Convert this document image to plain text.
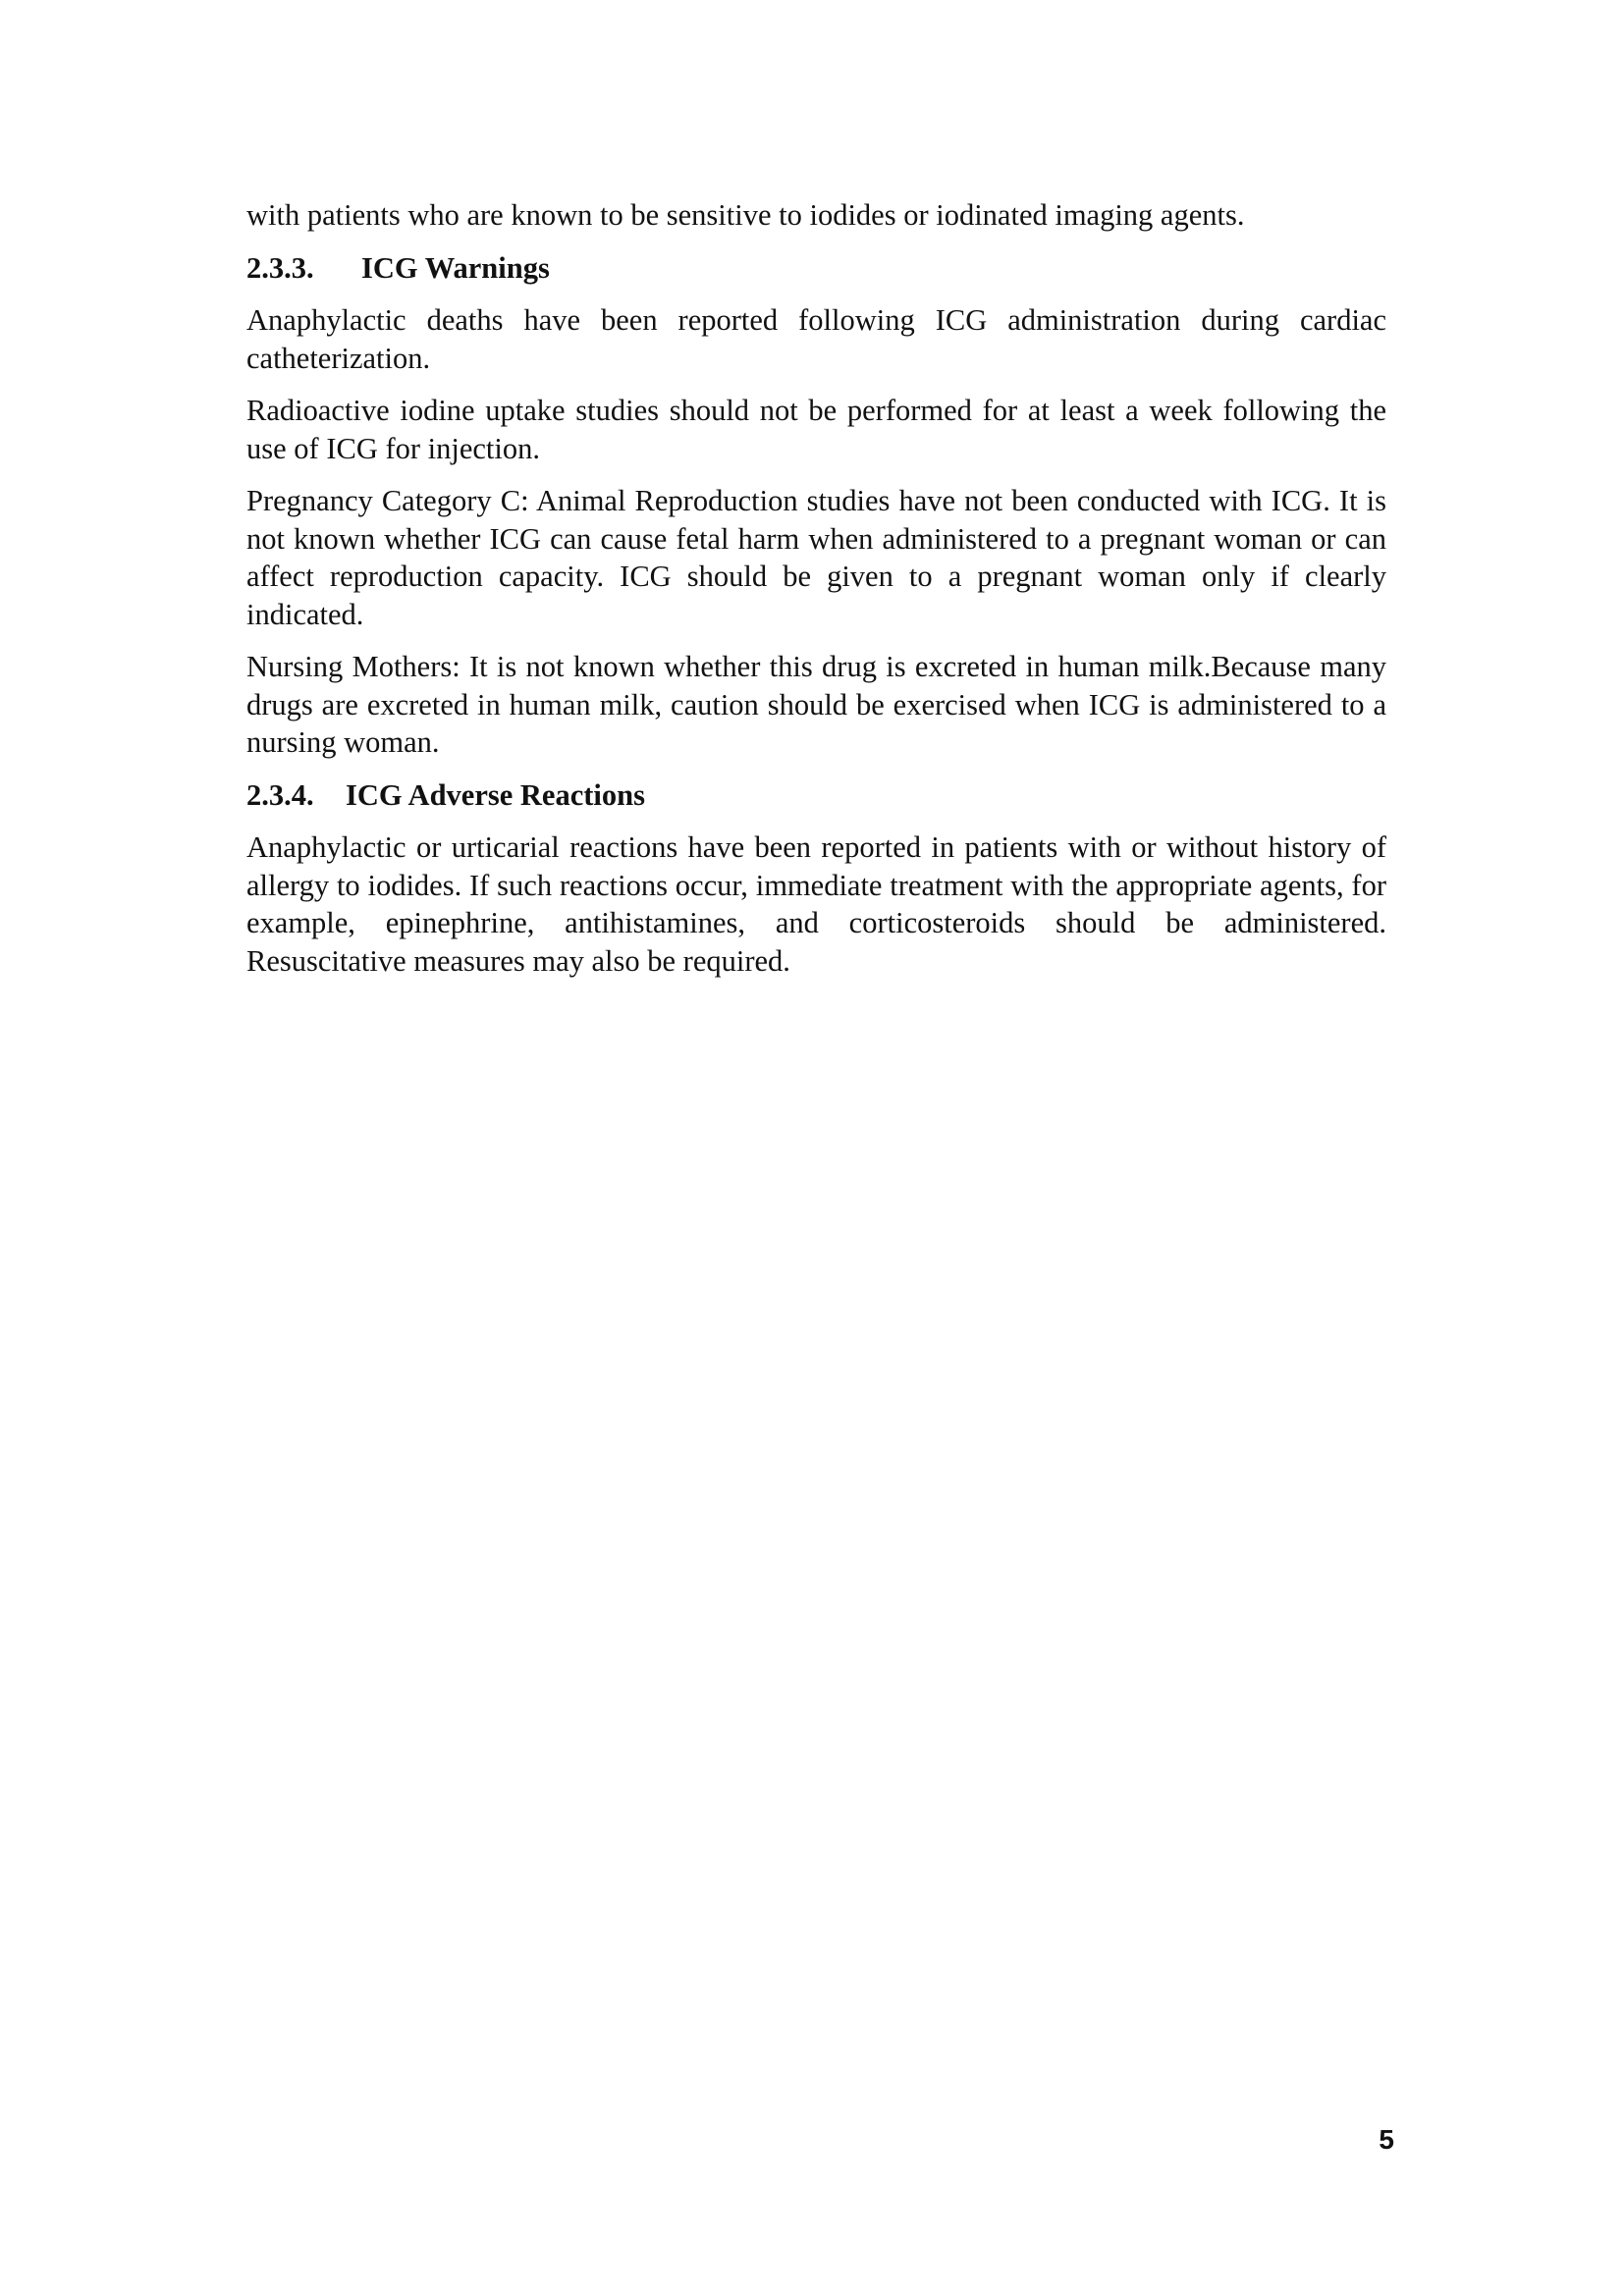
with patients who are known to be sensitive to iodides or iodinated imaging agents.

2.3.3.	ICG Warnings

Anaphylactic deaths have been reported following ICG administration during cardiac catheterization.

Radioactive iodine uptake studies should not be performed for at least a week following the use of ICG for injection.

Pregnancy Category C: Animal Reproduction studies have not been conducted with ICG. It is not known whether ICG can cause fetal harm when administered to a pregnant woman or can affect reproduction capacity. ICG should be given to a pregnant woman only if clearly indicated.

Nursing Mothers: It is not known whether this drug is excreted in human milk.Because many drugs are excreted in human milk, caution should be exercised when ICG is administered to a nursing woman.

2.3.4.	ICG Adverse Reactions

Anaphylactic or urticarial reactions have been reported in patients with or without history of allergy to iodides. If such reactions occur, immediate treatment with the appropriate agents, for example, epinephrine, antihistamines, and corticosteroids should be administered. Resuscitative measures may also be required.

5
